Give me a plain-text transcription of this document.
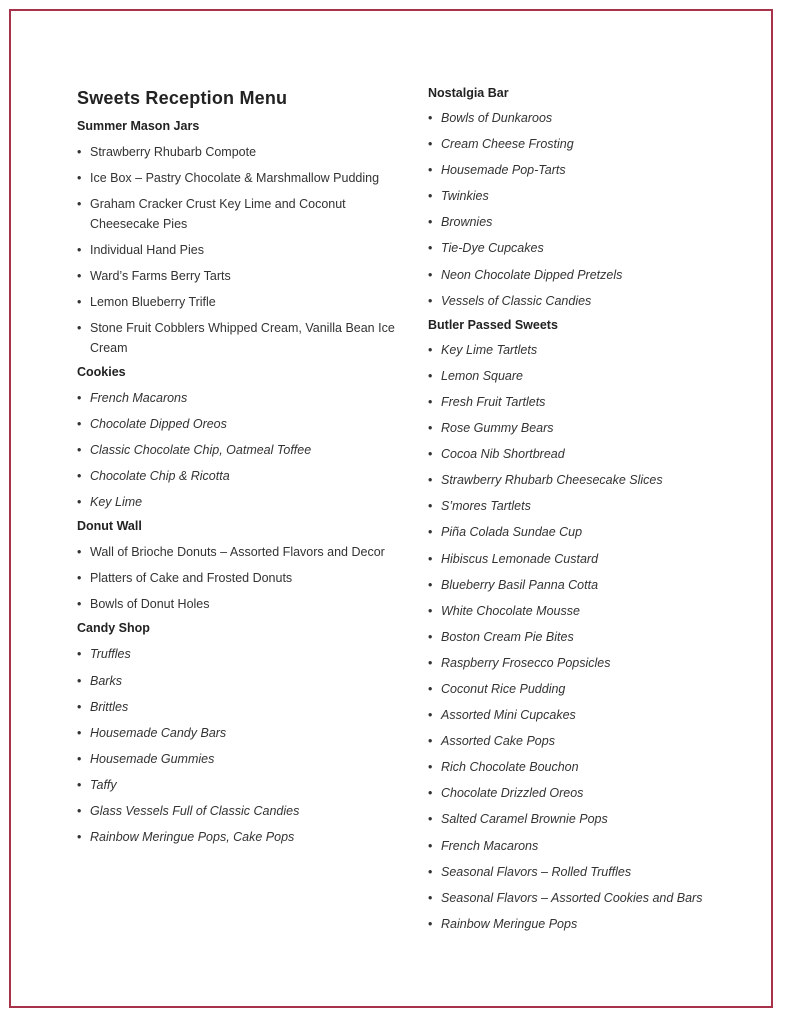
Sweets Reception Menu
Summer Mason Jars
• Strawberry Rhubarb Compote
• Ice Box – Pastry Chocolate & Marshmallow Pudding
• Graham Cracker Crust Key Lime and Coconut Cheesecake Pies
• Individual Hand Pies
• Ward’s Farms Berry Tarts
• Lemon Blueberry Trifle
• Stone Fruit Cobblers Whipped Cream, Vanilla Bean Ice Cream
Cookies
• French Macarons
• Chocolate Dipped Oreos
• Classic Chocolate Chip, Oatmeal Toffee
• Chocolate Chip & Ricotta
• Key Lime
Donut Wall
• Wall of Brioche Donuts – Assorted Flavors and Decor
• Platters of Cake and Frosted Donuts
• Bowls of Donut Holes
Candy Shop
• Truffles
• Barks
• Brittles
• Housemade Candy Bars
• Housemade Gummies
• Taffy
• Glass Vessels Full of Classic Candies
• Rainbow Meringue Pops, Cake Pops
Nostalgia Bar
• Bowls of Dunkaroos
• Cream Cheese Frosting
• Housemade Pop-Tarts
• Twinkies
• Brownies
• Tie-Dye Cupcakes
• Neon Chocolate Dipped Pretzels
• Vessels of Classic Candies
Butler Passed Sweets
• Key Lime Tartlets
• Lemon Square
• Fresh Fruit Tartlets
• Rose Gummy Bears
• Cocoa Nib Shortbread
• Strawberry Rhubarb Cheesecake Slices
• S’mores Tartlets
• Piña Colada Sundae Cup
• Hibiscus Lemonade Custard
• Blueberry Basil Panna Cotta
• White Chocolate Mousse
• Boston Cream Pie Bites
• Raspberry Frosecco Popsicles
• Coconut Rice Pudding
• Assorted Mini Cupcakes
• Assorted Cake Pops
• Rich Chocolate Bouchon
• Chocolate Drizzled Oreos
• Salted Caramel Brownie Pops
• French Macarons
• Seasonal Flavors – Rolled Truffles
• Seasonal Flavors – Assorted Cookies and Bars
• Rainbow Meringue Pops
